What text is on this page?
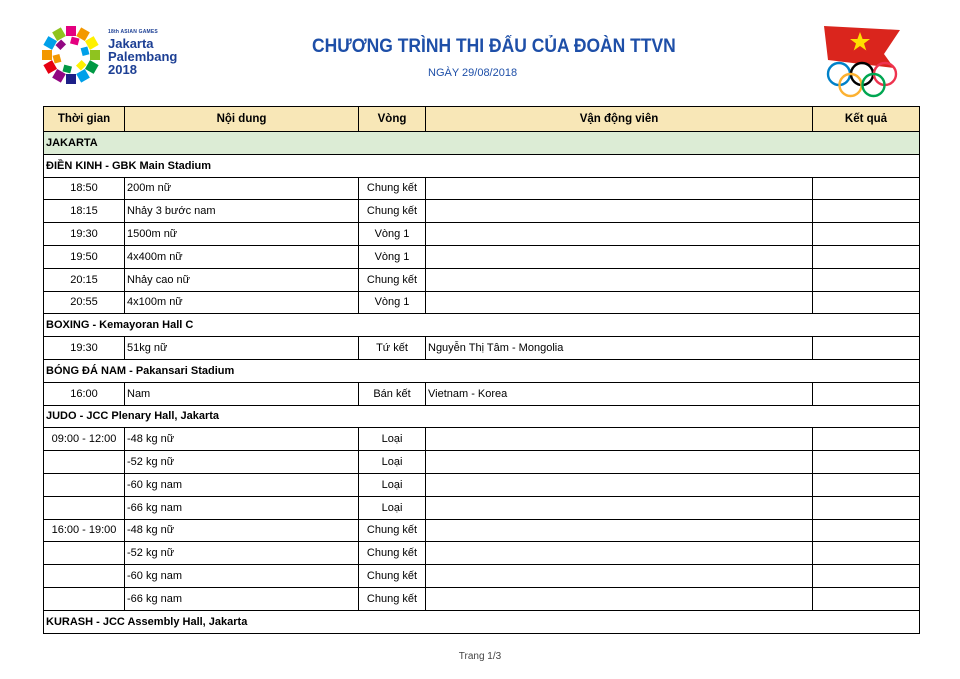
18th ASIAN GAMES
Jakarta
Palembang
2018
CHƯƠNG TRÌNH THI ĐẤU CỦA ĐOÀN TTVN
NGÀY 29/08/2018
Thời gian	Nội dung	Vòng	Vận động viên	Kết quả
JAKARTA				
ĐIỀN KINH - GBK Main Stadium				
18:50	200m nữ	Chung kết		
18:15	Nhảy 3 bước nam	Chung kết		
19:30	1500m nữ	Vòng 1		
19:50	4x400m nữ	Vòng 1		
20:15	Nhảy cao nữ	Chung kết		
20:55	4x100m nữ	Vòng 1		
BOXING - Kemayoran Hall C				
19:30	51kg nữ	Tứ kết	Nguyễn Thị Tâm - Mongolia	
BÓNG ĐÁ NAM - Pakansari Stadium				
16:00	Nam	Bán kết	Vietnam - Korea	
JUDO - JCC Plenary Hall, Jakarta				
09:00 - 12:00	-48 kg nữ	Loại		
	-52 kg nữ	Loại		
	-60 kg nam	Loại		
	-66 kg nam	Loại		
16:00 - 19:00	-48 kg nữ	Chung kết		
	-52 kg nữ	Chung kết		
	-60 kg nam	Chung kết		
	-66 kg nam	Chung kết		
KURASH - JCC Assembly Hall, Jakarta				
Trang 1/3
